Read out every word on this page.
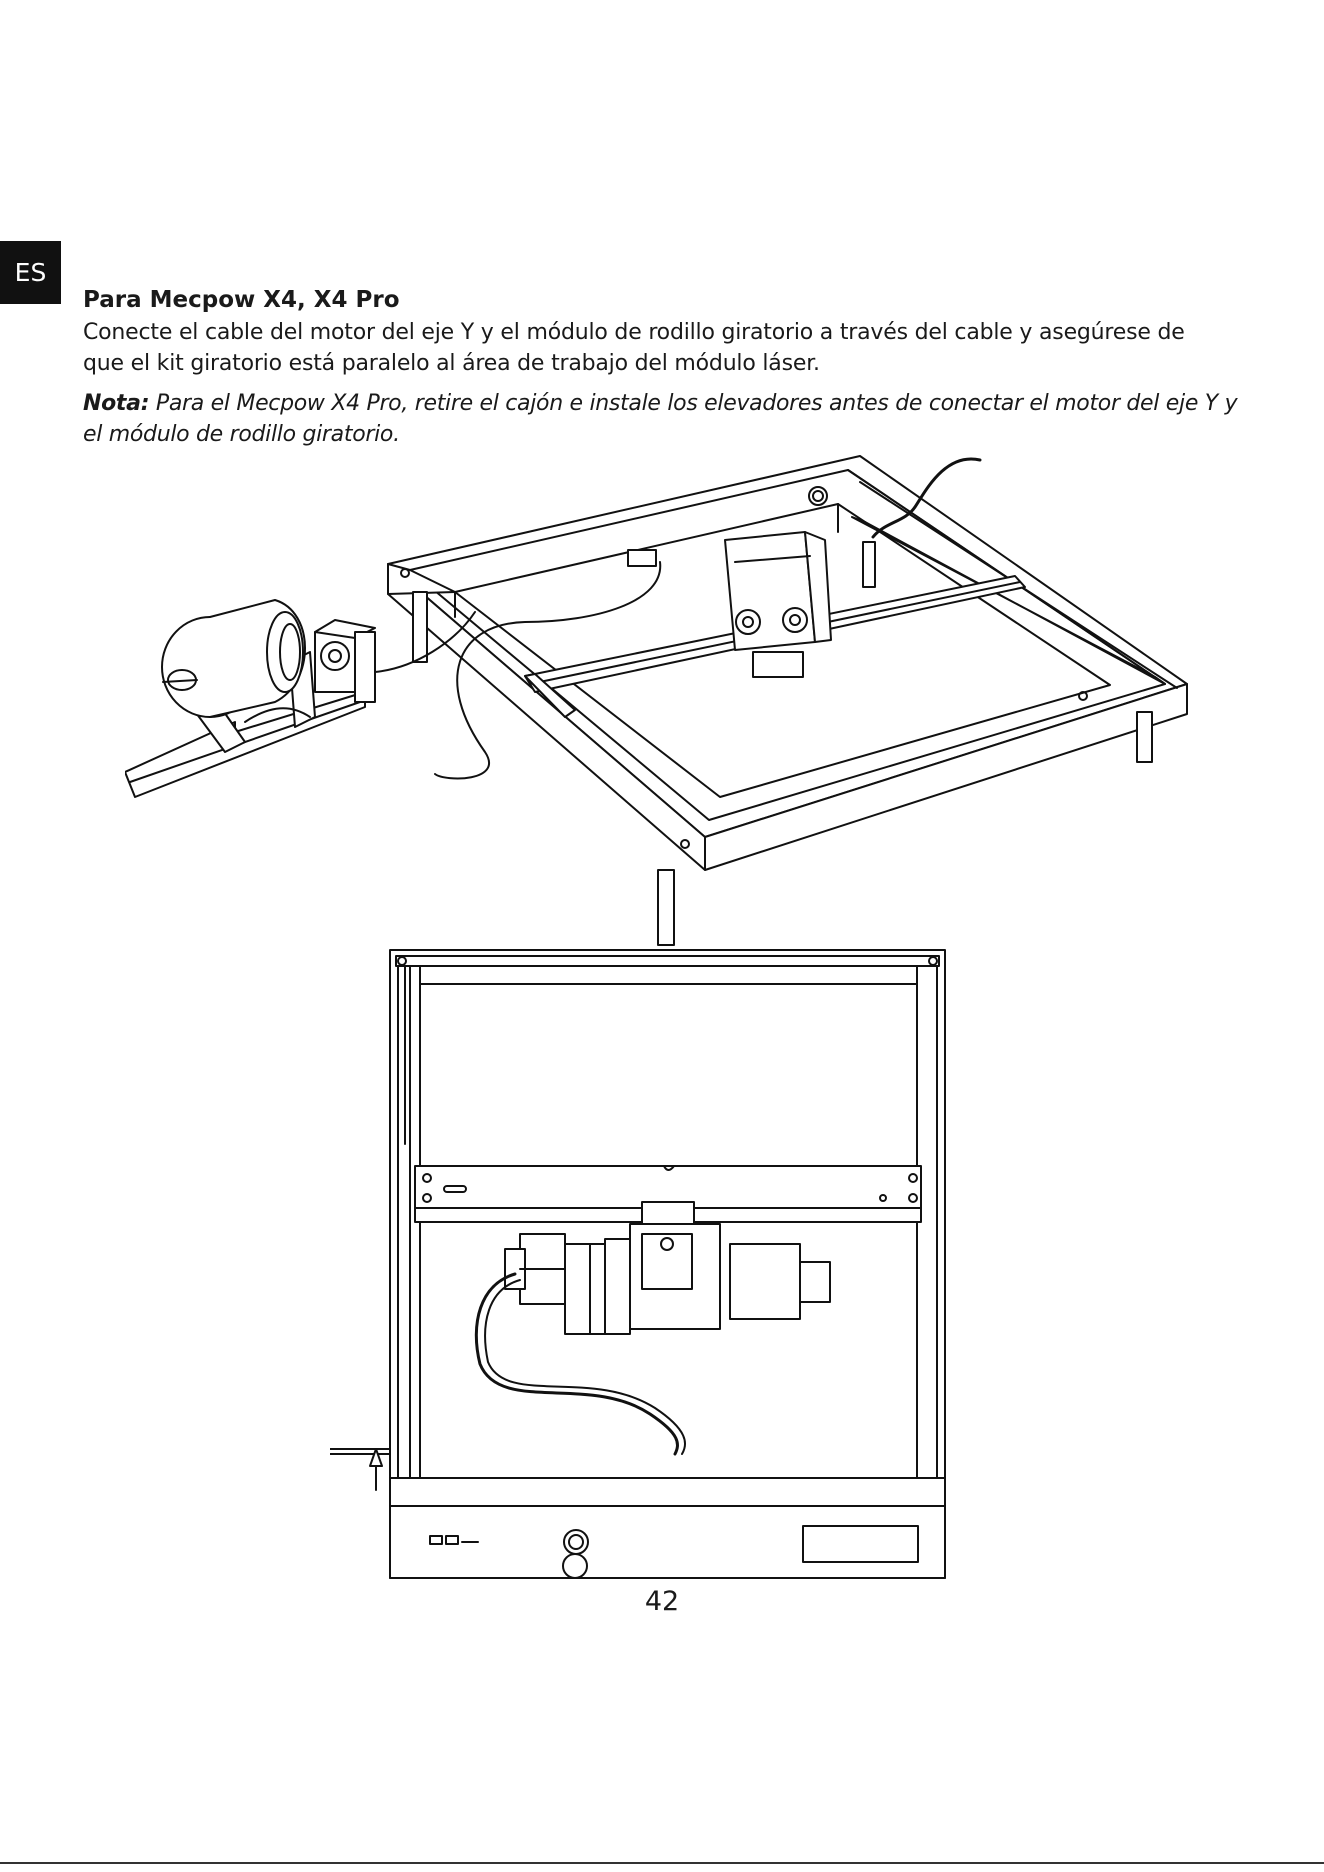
ES

Para Mecpow X4, X4 Pro

Conecte el cable del motor del eje Y y el módulo de rodillo giratorio a través del cable y asegúrese de
que el kit giratorio está paralelo al área de trabajo del módulo láser.

Nota: Para el Mecpow X4 Pro, retire el cajón e instale los elevadores antes de conectar el motor del eje Y y
el módulo de rodillo giratorio.

42
